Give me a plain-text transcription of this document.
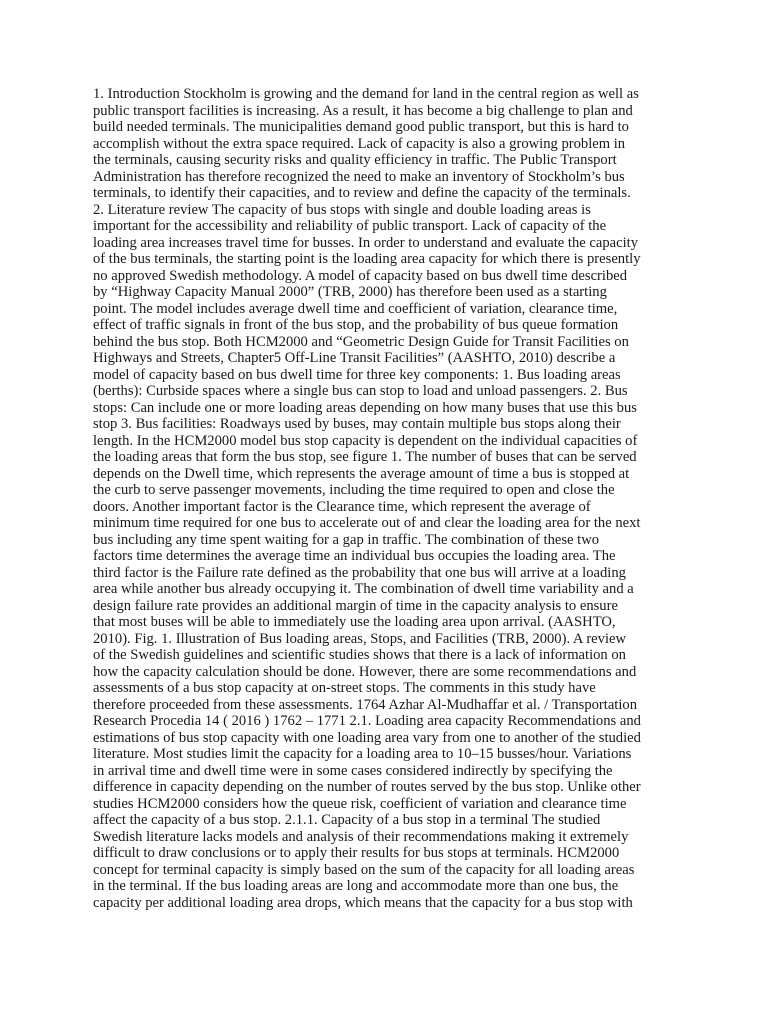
1. Introduction Stockholm is growing and the demand for land in the central region as well as
public transport facilities is increasing. As a result, it has become a big challenge to plan and
build needed terminals. The municipalities demand good public transport, but this is hard to
accomplish without the extra space required. Lack of capacity is also a growing problem in
the terminals, causing security risks and quality efficiency in traffic. The Public Transport
Administration has therefore recognized the need to make an inventory of Stockholm’s bus
terminals, to identify their capacities, and to review and define the capacity of the terminals.
2. Literature review The capacity of bus stops with single and double loading areas is
important for the accessibility and reliability of public transport. Lack of capacity of the
loading area increases travel time for busses. In order to understand and evaluate the capacity
of the bus terminals, the starting point is the loading area capacity for which there is presently
no approved Swedish methodology. A model of capacity based on bus dwell time described
by “Highway Capacity Manual 2000” (TRB, 2000) has therefore been used as a starting
point. The model includes average dwell time and coefficient of variation, clearance time,
effect of traffic signals in front of the bus stop, and the probability of bus queue formation
behind the bus stop. Both HCM2000 and “Geometric Design Guide for Transit Facilities on
Highways and Streets, Chapter5 Off-Line Transit Facilities” (AASHTO, 2010) describe a
model of capacity based on bus dwell time for three key components: 1. Bus loading areas
(berths): Curbside spaces where a single bus can stop to load and unload passengers. 2. Bus
stops: Can include one or more loading areas depending on how many buses that use this bus
stop 3. Bus facilities: Roadways used by buses, may contain multiple bus stops along their
length. In the HCM2000 model bus stop capacity is dependent on the individual capacities of
the loading areas that form the bus stop, see figure 1. The number of buses that can be served
depends on the Dwell time, which represents the average amount of time a bus is stopped at
the curb to serve passenger movements, including the time required to open and close the
doors. Another important factor is the Clearance time, which represent the average of
minimum time required for one bus to accelerate out of and clear the loading area for the next
bus including any time spent waiting for a gap in traffic. The combination of these two
factors time determines the average time an individual bus occupies the loading area. The
third factor is the Failure rate defined as the probability that one bus will arrive at a loading
area while another bus already occupying it. The combination of dwell time variability and a
design failure rate provides an additional margin of time in the capacity analysis to ensure
that most buses will be able to immediately use the loading area upon arrival. (AASHTO,
2010). Fig. 1. Illustration of Bus loading areas, Stops, and Facilities (TRB, 2000). A review
of the Swedish guidelines and scientific studies shows that there is a lack of information on
how the capacity calculation should be done. However, there are some recommendations and
assessments of a bus stop capacity at on-street stops. The comments in this study have
therefore proceeded from these assessments. 1764 Azhar Al-Mudhaffar et al. / Transportation
Research Procedia 14 ( 2016 ) 1762 – 1771 2.1. Loading area capacity Recommendations and
estimations of bus stop capacity with one loading area vary from one to another of the studied
literature. Most studies limit the capacity for a loading area to 10–15 busses/hour. Variations
in arrival time and dwell time were in some cases considered indirectly by specifying the
difference in capacity depending on the number of routes served by the bus stop. Unlike other
studies HCM2000 considers how the queue risk, coefficient of variation and clearance time
affect the capacity of a bus stop. 2.1.1. Capacity of a bus stop in a terminal The studied
Swedish literature lacks models and analysis of their recommendations making it extremely
difficult to draw conclusions or to apply their results for bus stops at terminals. HCM2000
concept for terminal capacity is simply based on the sum of the capacity for all loading areas
in the terminal. If the bus loading areas are long and accommodate more than one bus, the
capacity per additional loading area drops, which means that the capacity for a bus stop with
